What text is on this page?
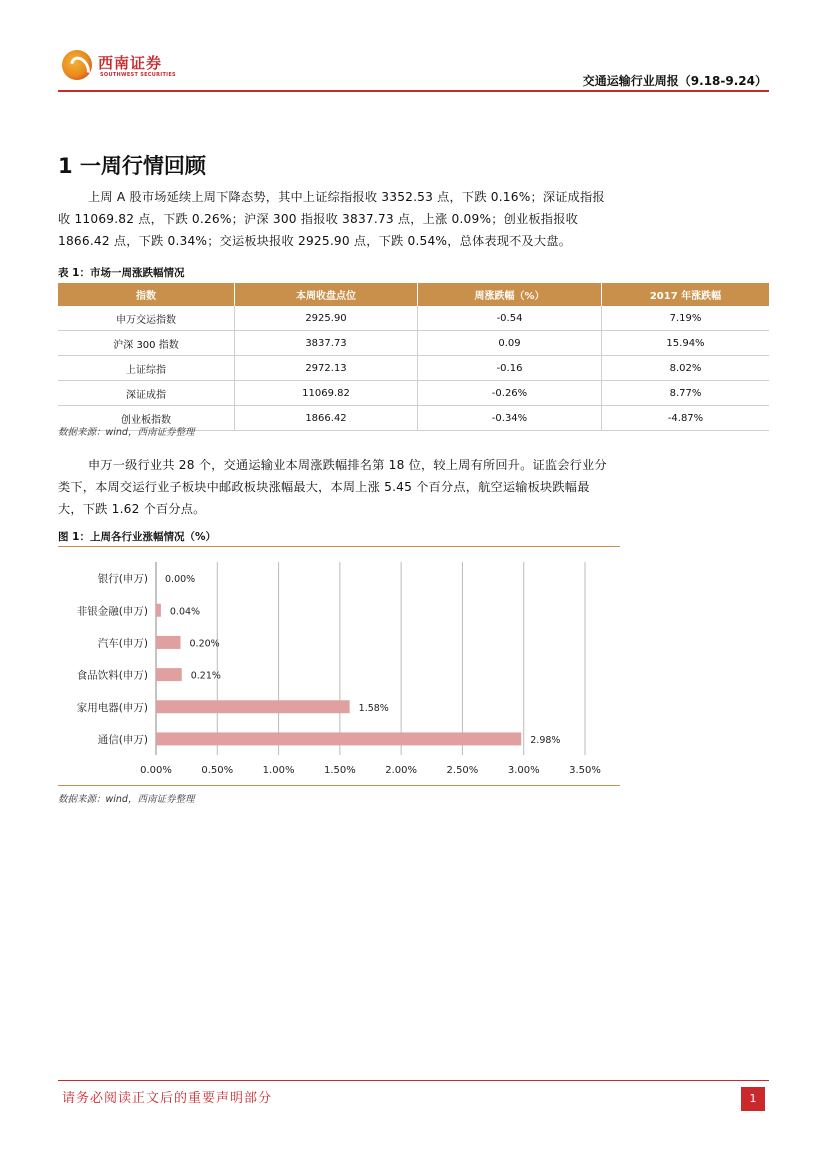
西南证券
SOUTHWEST SECURITIES	交通运输行业周报（9.18-9.24）
1 一周行情回顾
上周 A 股市场延续上周下降态势，其中上证综指报收 3352.53 点，下跌 0.16%；深证成指报收 11069.82 点，下跌 0.26%；沪深 300 指报收 3837.73 点，上涨 0.09%；创业板指报收 1866.42 点，下跌 0.34%；交运板块报收 2925.90 点，下跌 0.54%，总体表现不及大盘。
表 1：市场一周涨跌幅情况
指数	本周收盘点位	周涨跌幅（%）	2017 年涨跌幅
申万交运指数	2925.90	-0.54	7.19%
沪深 300 指数	3837.73	0.09	15.94%
上证综指	2972.13	-0.16	8.02%
深证成指	11069.82	-0.26%	8.77%
创业板指数	1866.42	-0.34%	-4.87%
数据来源：wind，西南证券整理
申万一级行业共 28 个，交通运输业本周涨跌幅排名第 18 位，较上周有所回升。证监会行业分类下，本周交运行业子板块中邮政板块涨幅最大，本周上涨 5.45 个百分点，航空运输板块跌幅最大，下跌 1.62 个百分点。
图 1：上周各行业涨幅情况（%）
0.00%	0.50%	1.00%	1.50%	2.00%	2.50%	3.00%	3.50%
银行(申万) 0.00%
非银金融(申万) 0.04%
汽车(申万)	0.20%
食品饮料(申万)	0.21%
家用电器(申万)	1.58%
通信(申万)	2.98%
数据来源：wind，西南证券整理
请务必阅读正文后的重要声明部分	1
